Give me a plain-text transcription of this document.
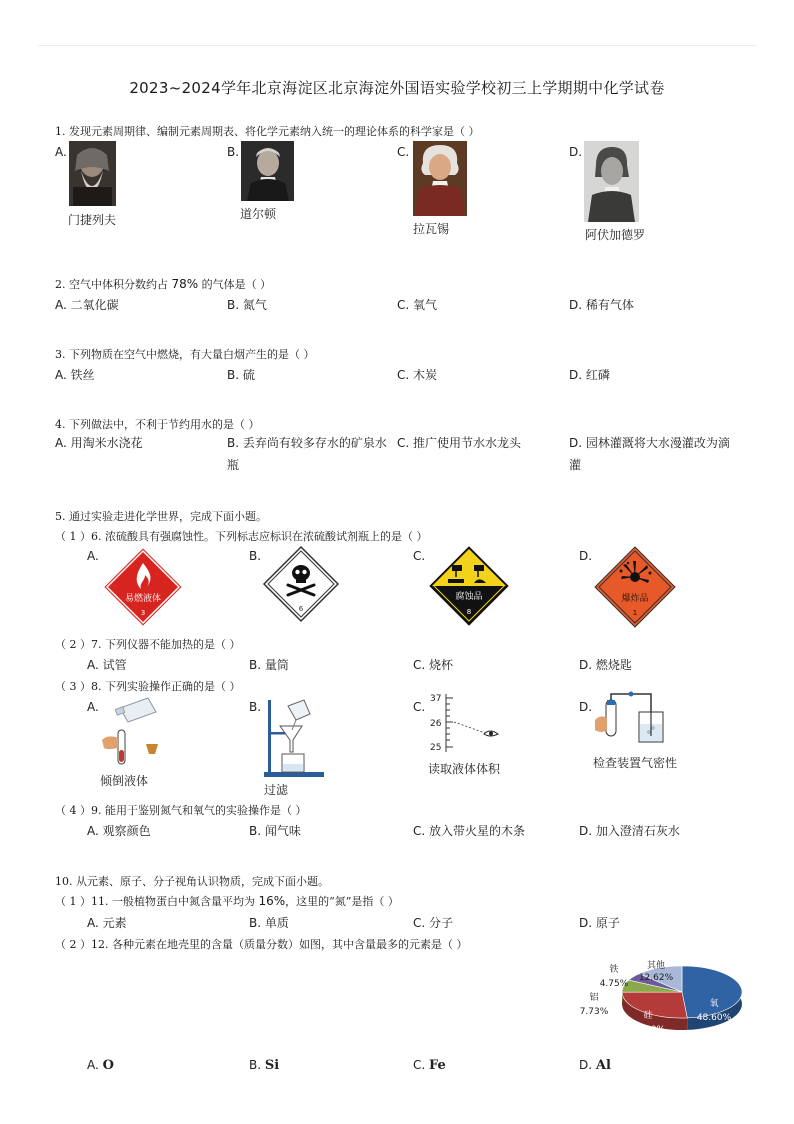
2023~2024学年北京海淀区北京海淀外国语实验学校初三上学期期中化学试卷
1. 发现元素周期律、编制元素周期表、将化学元素纳入统一的理论体系的科学家是（ ）
A.
门捷列夫
B.
道尔顿
C.
拉瓦锡
D.
阿伏加德罗
2. 空气中体积分数约占 78% 的气体是（ ）
A. 二氧化碳	B. 氮气	C. 氧气	D. 稀有气体
3. 下列物质在空气中燃烧，有大量白烟产生的是（ ）
A. 铁丝	B. 硫	C. 木炭	D. 红磷
4. 下列做法中，不利于节约用水的是（ ）
A. 用淘米水浇花	B. 丢弃尚有较多存水的矿泉水瓶
C. 推广使用节水水龙头	D. 园林灌溉将大水漫灌改为滴灌
5. 通过实验走进化学世界，完成下面小题。
（ 1 ）6. 浓硫酸具有强腐蚀性。下列标志应标识在浓硫酸试剂瓶上的是（ ）
A.
易燃液体
3
B.
6
C.
腐蚀品
8
D.
爆炸品
1
（ 2 ）7. 下列仪器不能加热的是（ ）
A. 试管	B. 量筒	C. 烧杯	D. 燃烧匙
（ 3 ）8. 下列实验操作正确的是（ ）
A.
倾倒液体
B.
过滤
C.
37
26
25
读取液体体积
D.
检查装置气密性
（ 4 ）9. 能用于鉴别氮气和氧气的实验操作是（ ）
A. 观察颜色	B. 闻气味	C. 放入带火星的木条	D. 加入澄清石灰水
10. 从元素、原子、分子视角认识物质，完成下面小题。
（ 1 ）11. 一般植物蛋白中氮含量平均为 16%，这里的“氮”是指（ ）
A. 元素	B. 单质	C. 分子	D. 原子
（ 2 ）12. 各种元素在地壳里的含量（质量分数）如图，其中含量最多的元素是（ ）
氧
48.60%
硅
26.30%
铝
7.73%
铁
4.75%
其他
12.62%
A. O	B. Si	C. Fe	D. Al
